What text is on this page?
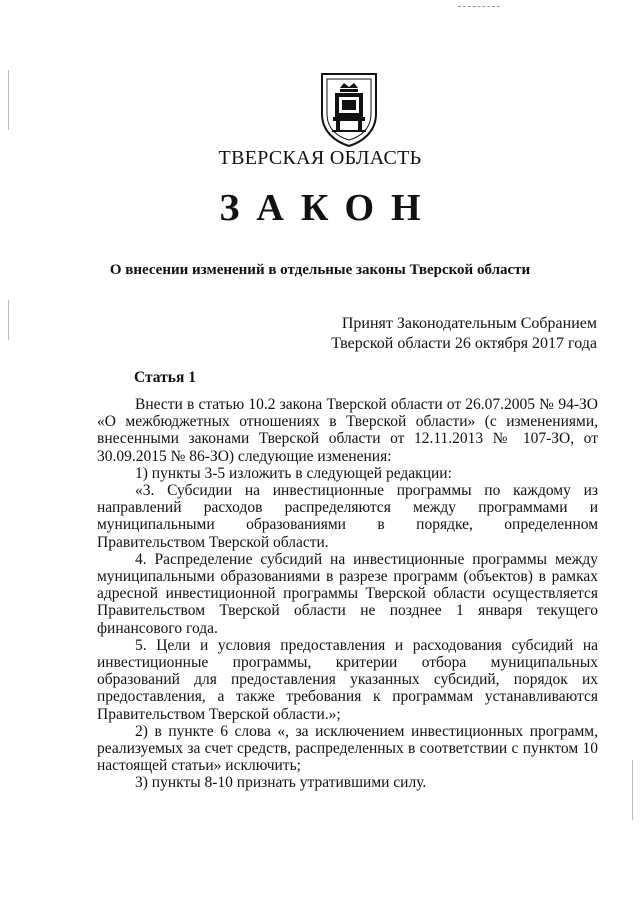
ТВЕРСКАЯ ОБЛАСТЬ
ЗАКОН
О внесении изменений в отдельные законы Тверской области
Принят Законодательным Собранием
Тверской области 26 октября 2017 года
Статья 1

Внести в статью 10.2 закона Тверской области от 26.07.2005 № 94-ЗО «О межбюджетных отношениях в Тверской области» (с изменениями, внесенными законами Тверской области от 12.11.2013 № 107-ЗО, от 30.09.2015 № 86-ЗО) следующие изменения:

1) пункты 3-5 изложить в следующей редакции:

«3. Субсидии на инвестиционные программы по каждому из направлений расходов распределяются между программами и муниципальными образованиями в порядке, определенном Правительством Тверской области.

4. Распределение субсидий на инвестиционные программы между муниципальными образованиями в разрезе программ (объектов) в рамках адресной инвестиционной программы Тверской области осуществляется Правительством Тверской области не позднее 1 января текущего финансового года.

5. Цели и условия предоставления и расходования субсидий на инвестиционные программы, критерии отбора муниципальных образований для предоставления указанных субсидий, порядок их предоставления, а также требования к программам устанавливаются Правительством Тверской области.»;

2) в пункте 6 слова «, за исключением инвестиционных программ, реализуемых за счет средств, распределенных в соответствии с пунктом 10 настоящей статьи» исключить;

3) пункты 8-10 признать утратившими силу.
